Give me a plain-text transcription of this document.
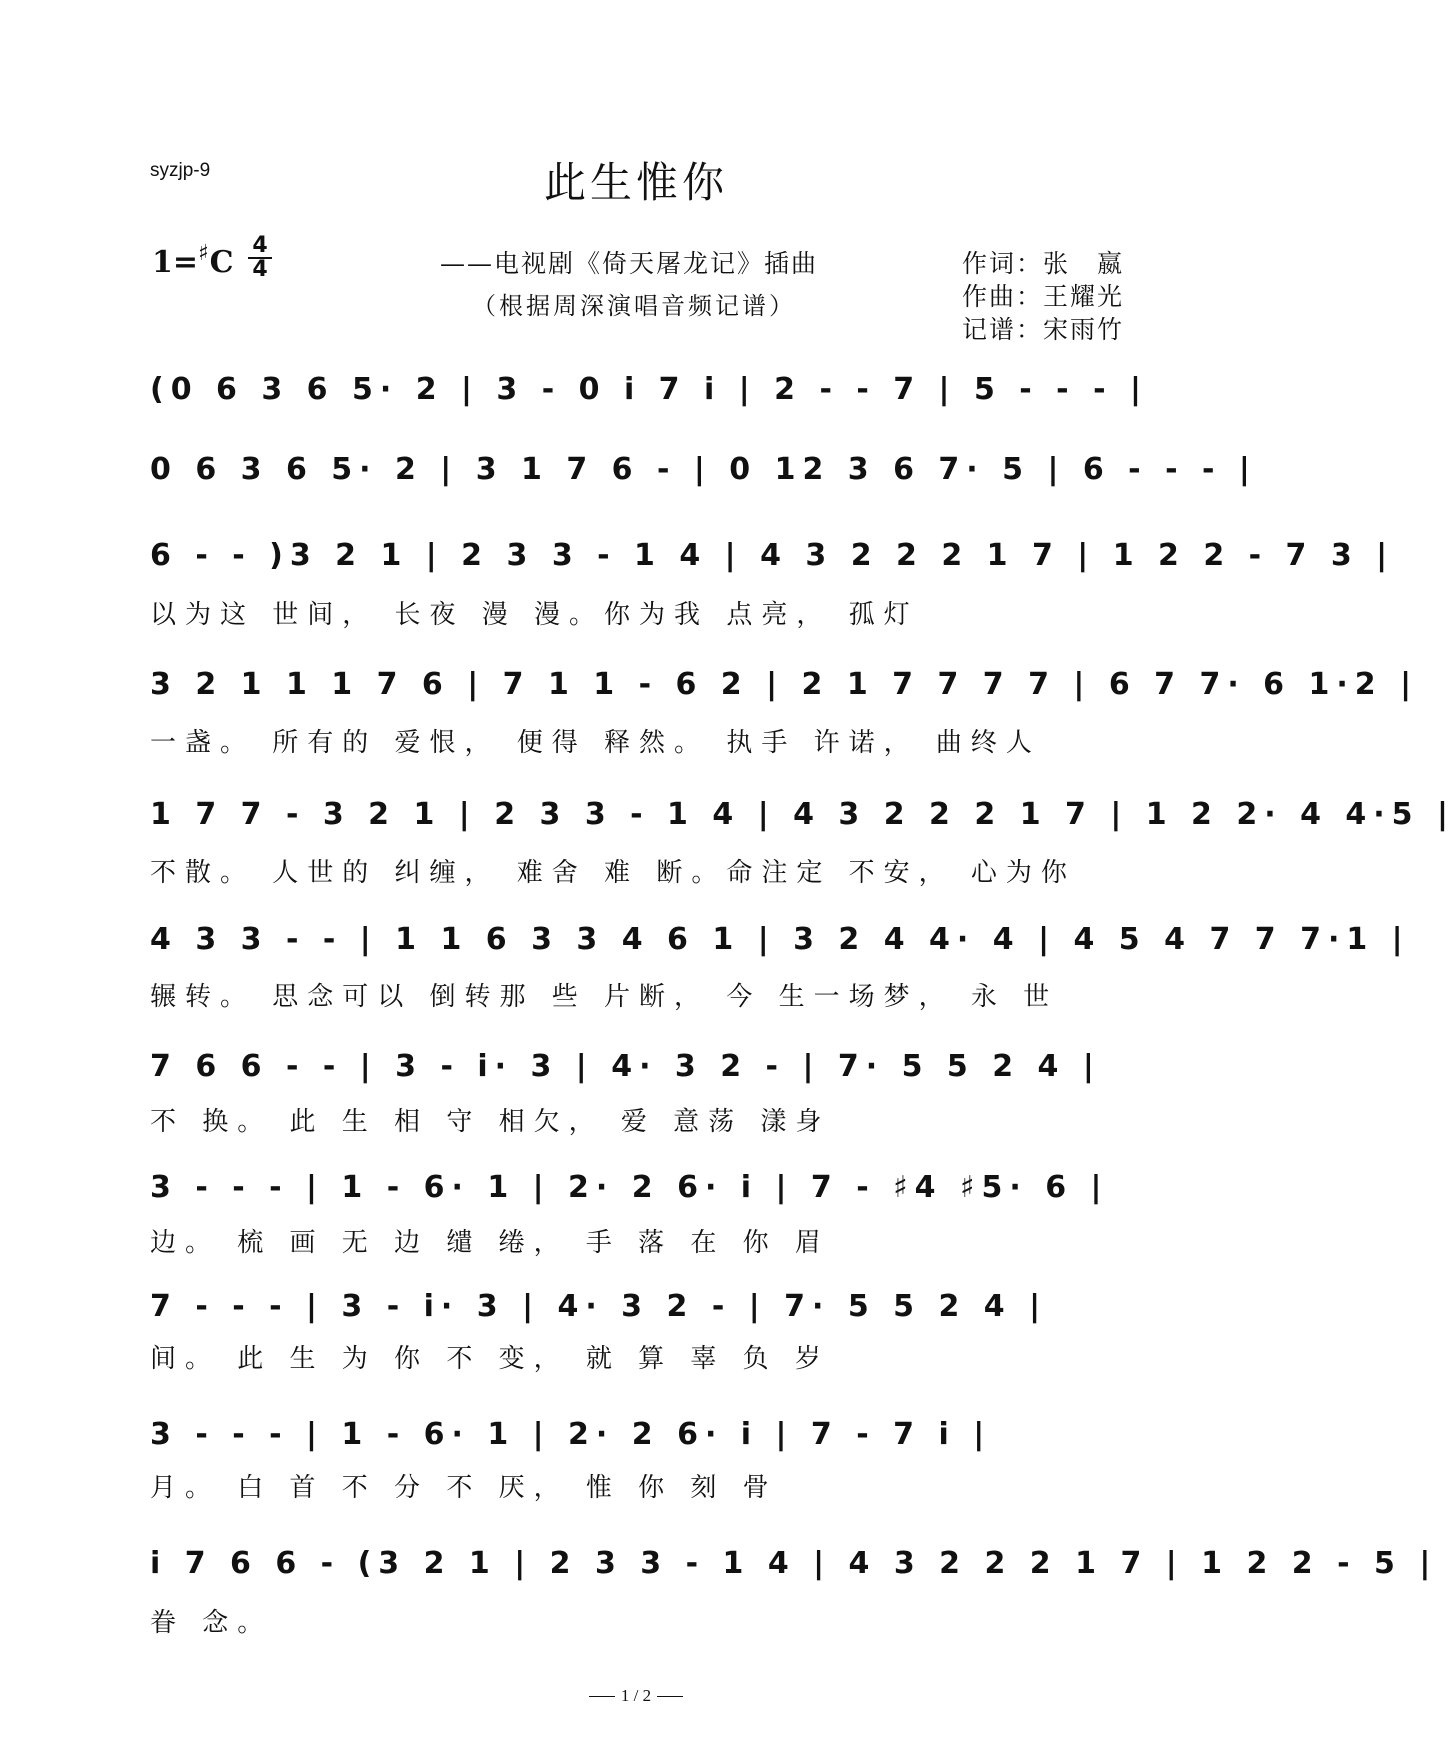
syzjp-9	此生惟你
1=♯C 4
4	——电视剧《倚天屠龙记》插曲
（根据周深演唱音频记谱）
作词：张　嬴
作曲：王耀光
记谱：宋雨竹
(0 6 3 6 5· 2 | 3 - 0 i 7 i | 2 - - 7 | 5 - - - |
0 6 3 6 5· 2 | 3 1 7 6 - | 0 12 3 6 7· 5 | 6 - - - |
6 - - )3 2 1 | 2 3 3 - 1 4 | 4 3 2 2 2 1 7 | 1 2 2 - 7 3 |
以为这 世间， 长夜 漫 漫。你为我 点亮， 孤灯
3 2 1 1 1 7 6 | 7 1 1 - 6 2 | 2 1 7 7 7 7 | 6 7 7· 6 1·2 |
一盏。 所有的 爱恨， 便得 释然。 执手 许诺， 曲终人
1 7 7 - 3 2 1 | 2 3 3 - 1 4 | 4 3 2 2 2 1 7 | 1 2 2· 4 4·5 |
不散。 人世的 纠缠， 难舍 难 断。命注定 不安， 心为你
4 3 3 - - | 1 1 6 3 3 4 6 1 | 3 2 4 4· 4 | 4 5 4 7 7 7·1 |
辗转。 思念可以 倒转那 些 片断， 今 生一场梦， 永 世
7 6 6 - - | 3 - i· 3 | 4· 3 2 - | 7· 5 5 2 4 |
不 换。 此 生 相 守 相欠， 爱 意荡 漾身
3 - - - | 1 - 6· 1 | 2· 2 6· i | 7 - ♯4 ♯5· 6 |
边。 梳 画 无 边 缱 绻， 手 落 在 你 眉
7 - - - | 3 - i· 3 | 4· 3 2 - | 7· 5 5 2 4 |
间。 此 生 为 你 不 变， 就 算 辜 负 岁
3 - - - | 1 - 6· 1 | 2· 2 6· i | 7 - 7 i |
月。 白 首 不 分 不 厌， 惟 你 刻 骨
i 7 6 6 - (3 2 1 | 2 3 3 - 1 4 | 4 3 2 2 2 1 7 | 1 2 2 - 5 |
眷 念。
1 / 2
